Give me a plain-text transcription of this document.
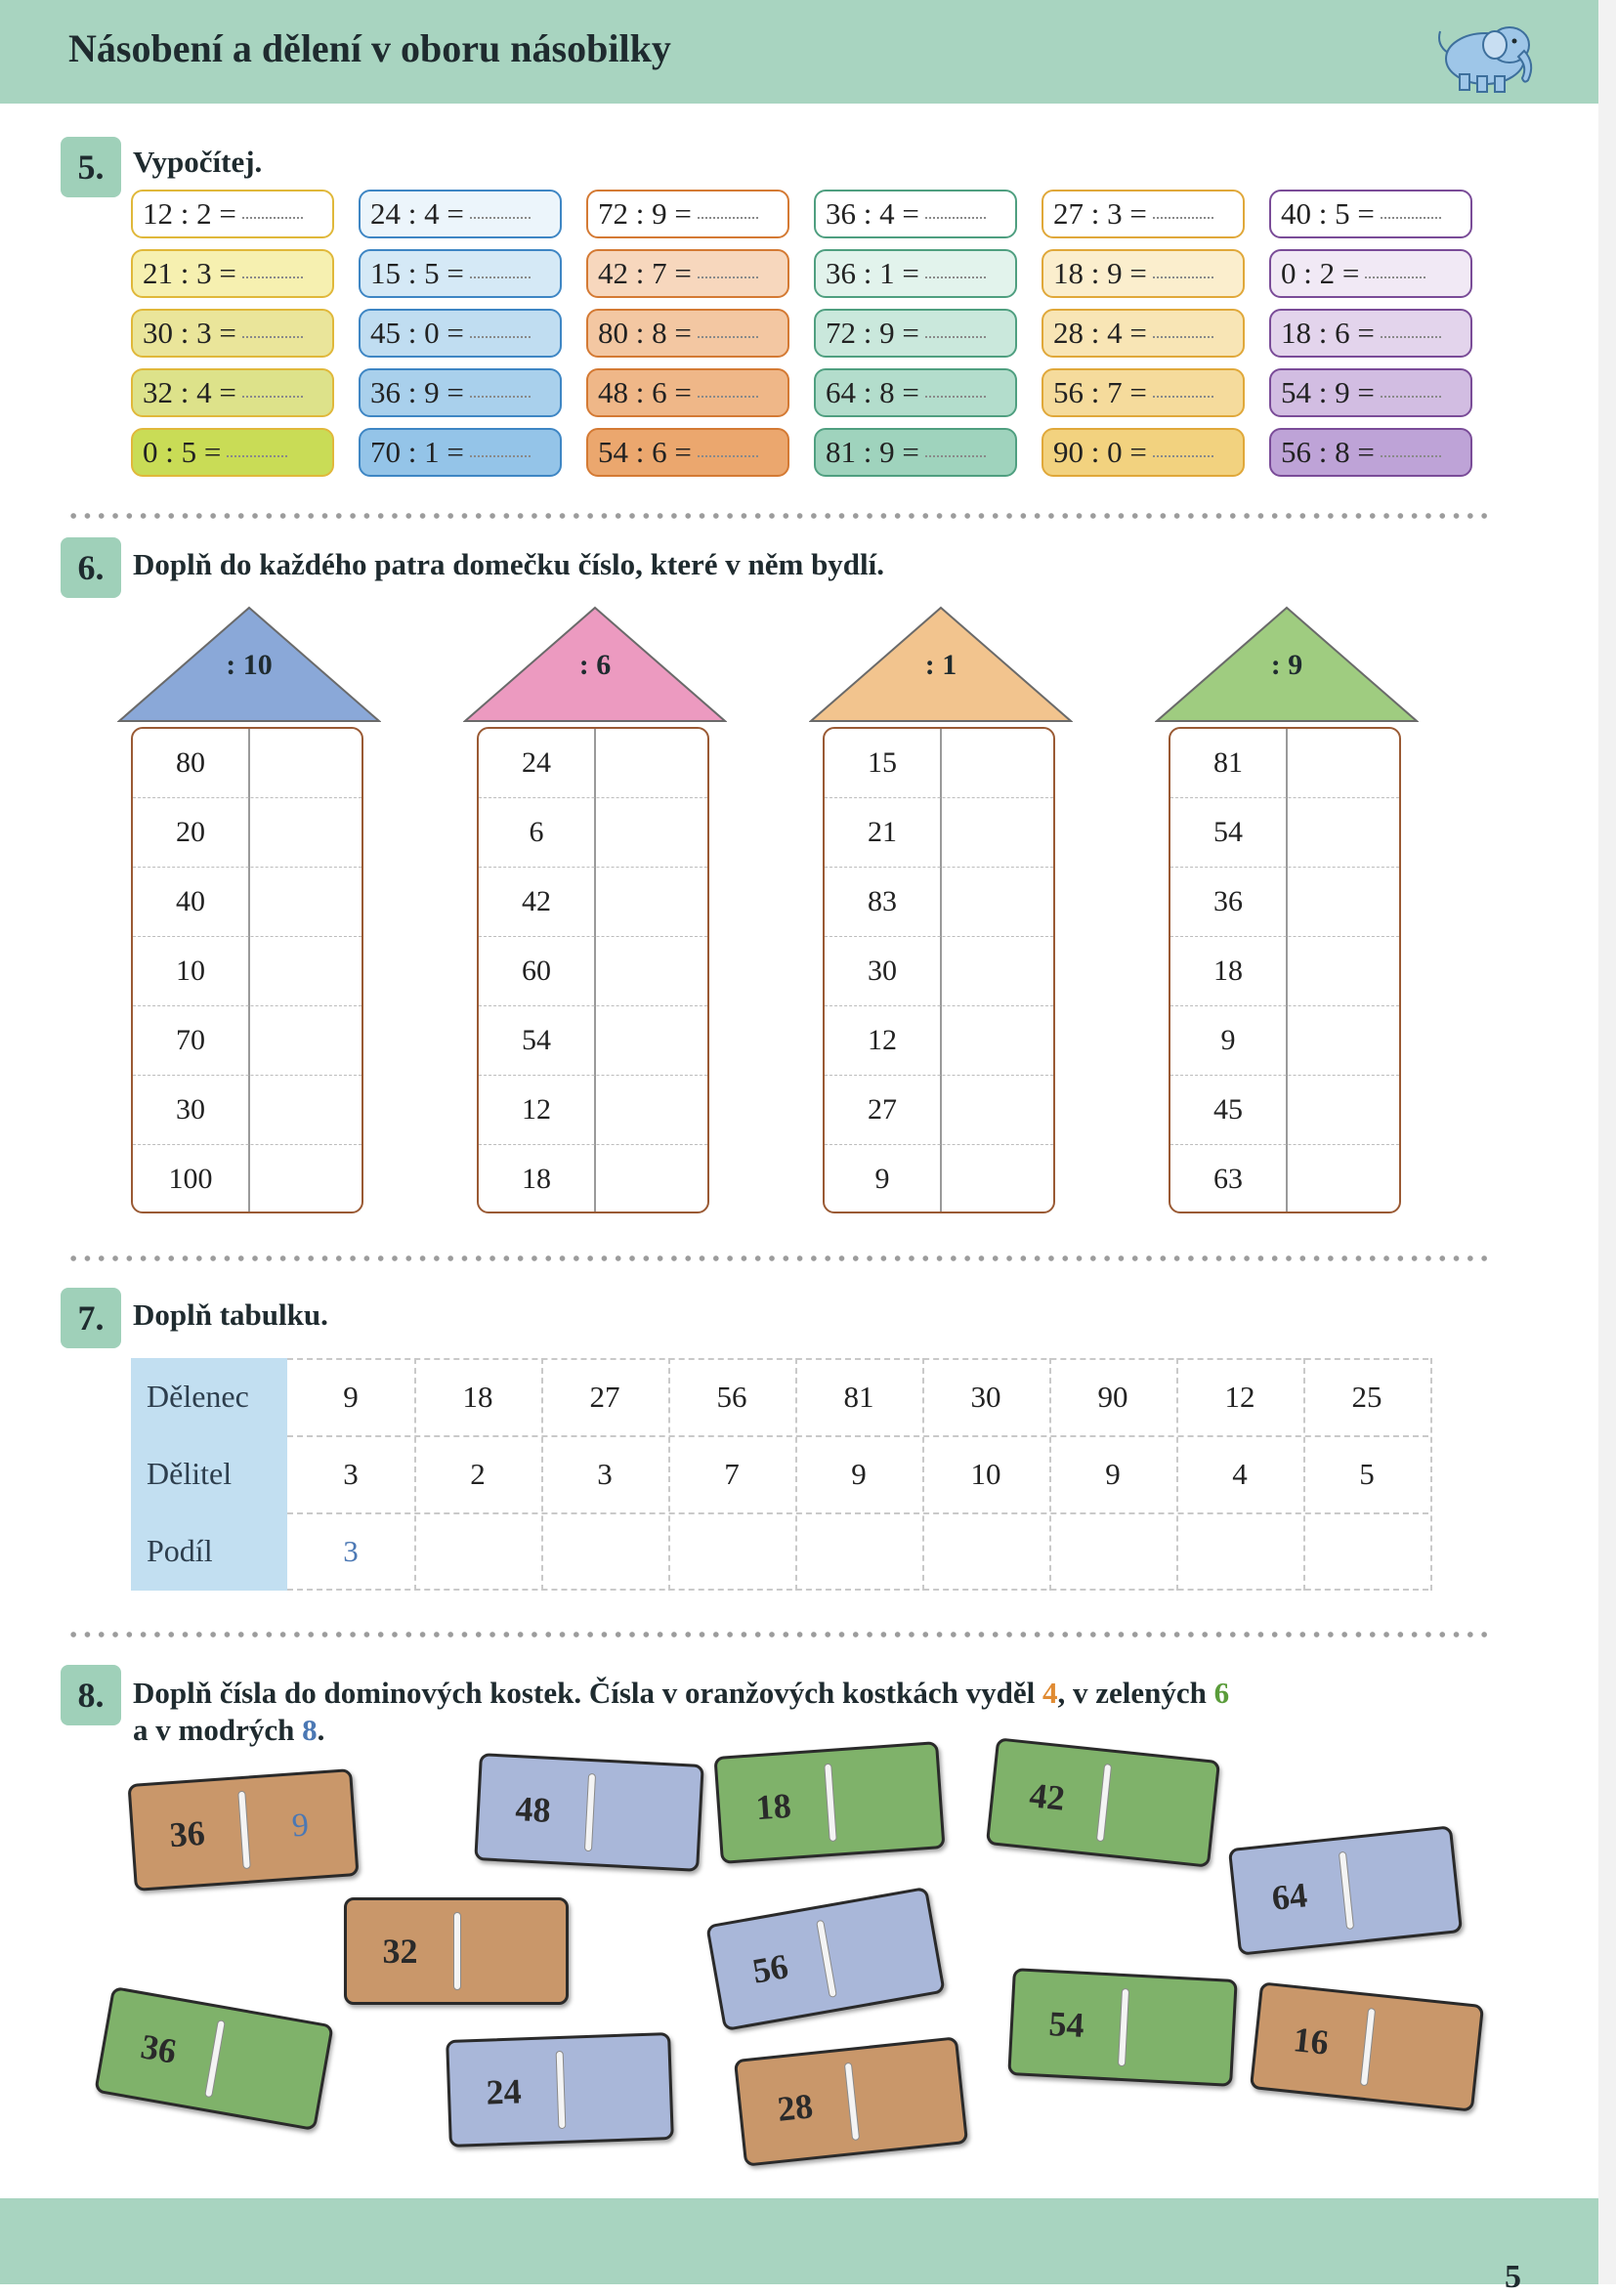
Násobení a dělení v oboru násobilky
5. Vypočítej.
12 : 2 =
21 : 3 =
30 : 3 =
32 : 4 =
0 : 5 =
24 : 4 =
15 : 5 =
45 : 0 =
36 : 9 =
70 : 1 =
72 : 9 =
42 : 7 =
80 : 8 =
48 : 6 =
54 : 6 =
36 : 4 =
36 : 1 =
72 : 9 =
64 : 8 =
81 : 9 =
27 : 3 =
18 : 9 =
28 : 4 =
56 : 7 =
90 : 0 =
40 : 5 =
0 : 2 =
18 : 6 =
54 : 9 =
56 : 8 =
6. Doplň do každého patra domečku číslo, které v něm bydlí.
: 10
80
20
40
10
70
30
100
: 6
24
6
42
60
54
12
18
: 1
15
21
83
30
12
27
9
: 9
81
54
36
18
9
45
63
7. Doplň tabulku.
Dělenec	9	18	27	56	81	30	90	12	25
Dělitel	3	2	3	7	9	10	9	4	5
Podíl	3
8. Doplň čísla do dominových kostek. Čísla v oranžových kostkách vyděl 4, v zelených 6
a v modrých 8.
36	9	48	18	42
64
32	56
36
24	28
54	16
5
